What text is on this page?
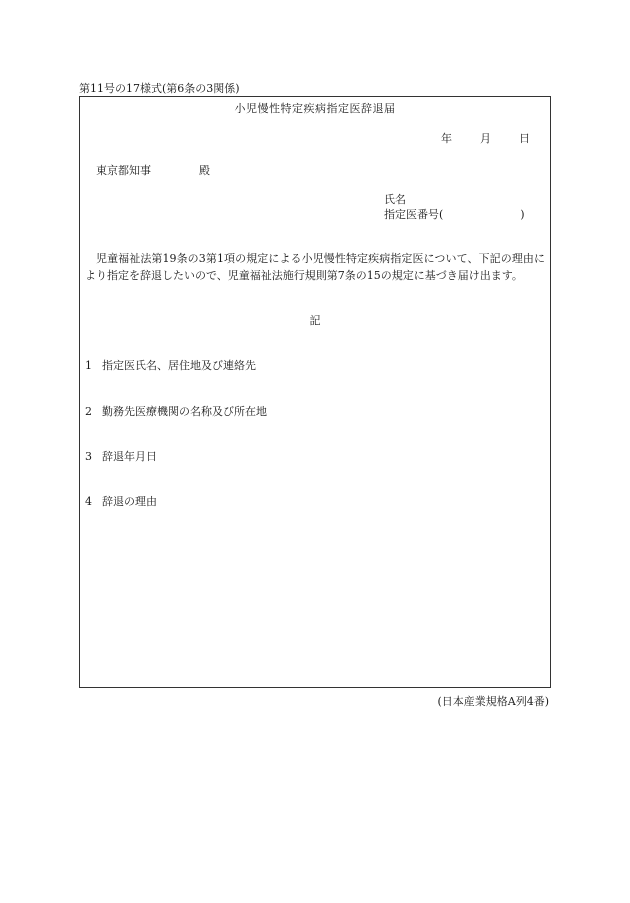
第11号の17様式(第6条の3関係)
小児慢性特定疾病指定医辞退届
年	月	日
東京都知事	殿
氏名
指定医番号(	)
児童福祉法第19条の3第1項の規定による小児慢性特定疾病指定医について、下記の理由により指定を辞退したいので、児童福祉法施行規則第7条の15の規定に基づき届け出ます。
記
1 指定医氏名、居住地及び連絡先
2 勤務先医療機関の名称及び所在地
3 辞退年月日
4 辞退の理由
(日本産業規格A列4番)
